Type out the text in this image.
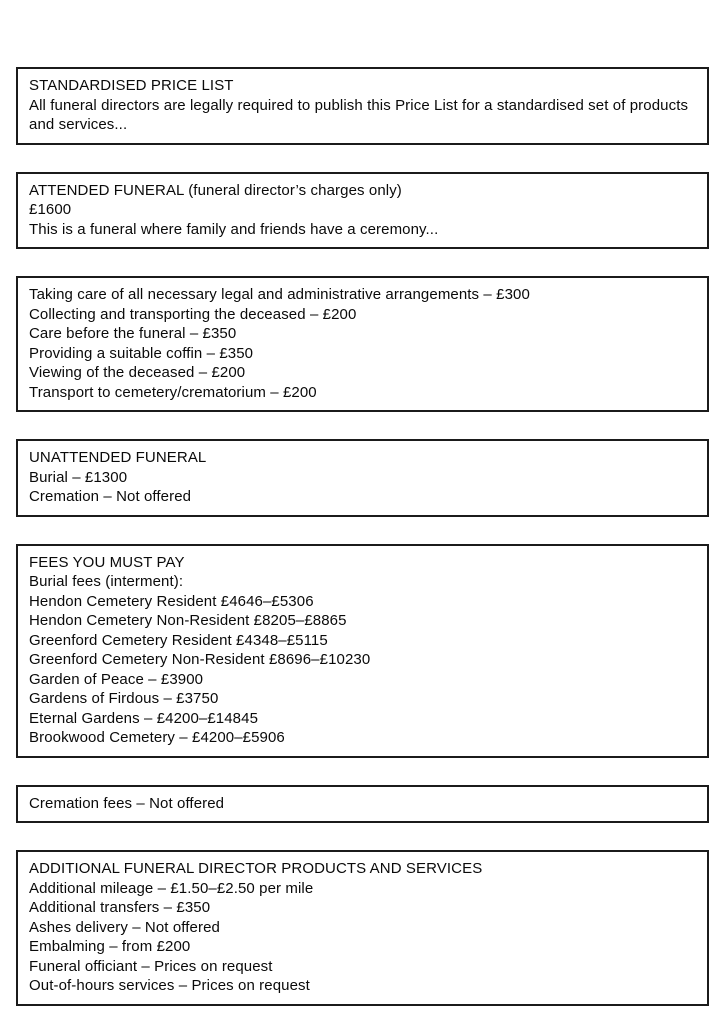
STANDARDISED PRICE LIST

All funeral directors are legally required to publish this Price List for a standardised set of products and services...

ATTENDED FUNERAL (funeral director’s charges only)

£1600

This is a funeral where family and friends have a ceremony...

Taking care of all necessary legal and administrative arrangements – £300

Collecting and transporting the deceased – £200

Care before the funeral – £350

Providing a suitable coffin – £350

Viewing of the deceased – £200

Transport to cemetery/crematorium – £200

UNATTENDED FUNERAL

Burial – £1300

Cremation – Not offered

FEES YOU MUST PAY

Burial fees (interment):

Hendon Cemetery Resident £4646–£5306

Hendon Cemetery Non-Resident £8205–£8865

Greenford Cemetery Resident £4348–£5115

Greenford Cemetery Non-Resident £8696–£10230

Garden of Peace – £3900

Gardens of Firdous – £3750

Eternal Gardens – £4200–£14845

Brookwood Cemetery – £4200–£5906

Cremation fees – Not offered

ADDITIONAL FUNERAL DIRECTOR PRODUCTS AND SERVICES

Additional mileage – £1.50–£2.50 per mile

Additional transfers – £350

Ashes delivery – Not offered

Embalming – from £200

Funeral officiant – Prices on request

Out-of-hours services – Prices on request
